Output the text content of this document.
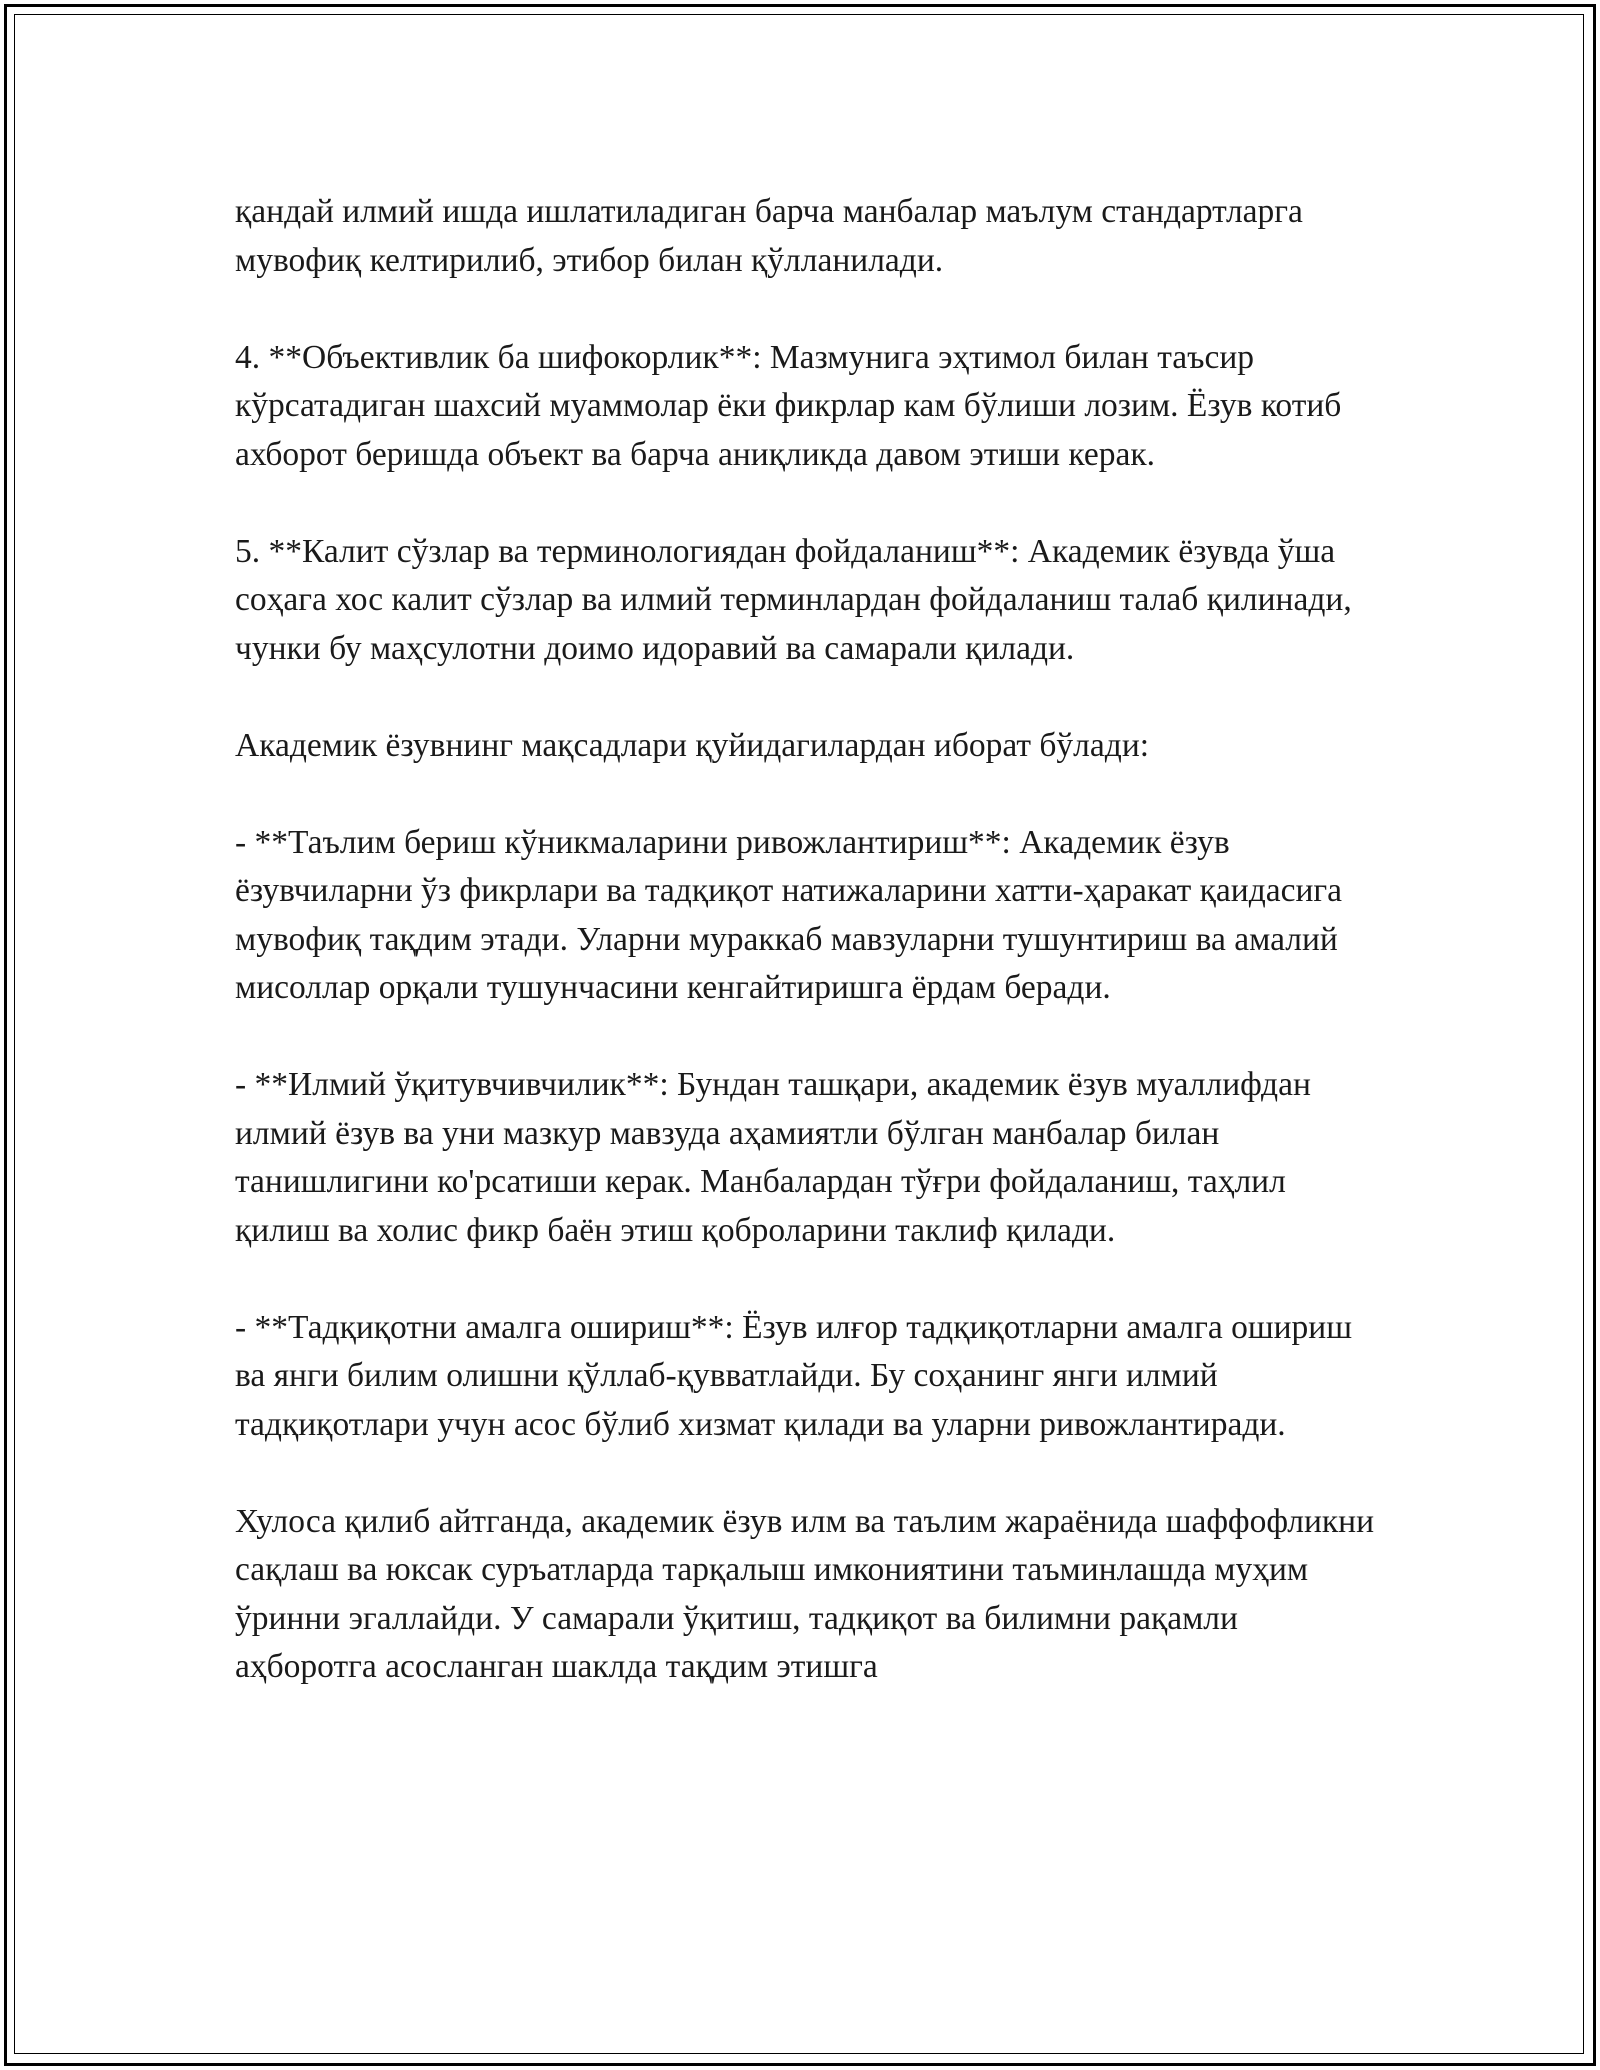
қандай илмий ишда ишлатиладиган барча манбалар маълум стандартларга мувофиқ келтирилиб, этибор билан қўлланилади.

4. **Объективлик ба шифокорлик**: Мазмунига эҳтимол билан таъсир кўрсатадиган шахсий муаммолар ёки фикрлар кам бўлиши лозим. Ёзув котиб ахборот беришда объект ва барча аниқликда давом этиши керак.

5. **Калит сўзлар ва терминологиядан фойдаланиш**: Академик ёзувда ўша соҳага хос калит сўзлар ва илмий терминлардан фойдаланиш талаб қилинади, чунки бу маҳсулотни доимо идоравий ва самарали қилади.

Академик ёзувнинг мақсадлари қуйидагилардан иборат бўлади:

- **Таълим бериш кўникмаларини ривожлантириш**: Академик ёзув ёзувчиларни ўз фикрлари ва тадқиқот натижаларини хатти-ҳаракат қаидасига мувофиқ тақдим этади. Уларни мураккаб мавзуларни тушунтириш ва амалий мисоллар орқали тушунчасини кенгайтиришга ёрдам беради.

- **Илмий ўқитувчивчилик**: Бундан ташқари, академик ёзув муаллифдан илмий ёзув ва уни мазкур мавзуда аҳамиятли бўлган манбалар билан танишлигини ко'рсатиши керак. Манбалардан тўғри фойдаланиш, таҳлил қилиш ва холис фикр баён этиш қоброларини таклиф қилади.

- **Тадқиқотни амалга ошириш**: Ёзув илғор тадқиқотларни амалга ошириш ва янги билим олишни қўллаб-қувватлайди. Бу соҳанинг янги илмий тадқиқотлари учун асос бўлиб хизмат қилади ва уларни ривожлантиради.

Хулоса қилиб айтганда, академик ёзув илм ва таълим жараёнида шаффофликни сақлаш ва юксак суръатларда тарқалыш имкониятини таъминлашда муҳим ўринни эгаллайди. У самарали ўқитиш, тадқиқот ва билимни рақамли аҳборотга асосланган шаклда тақдим этишга
